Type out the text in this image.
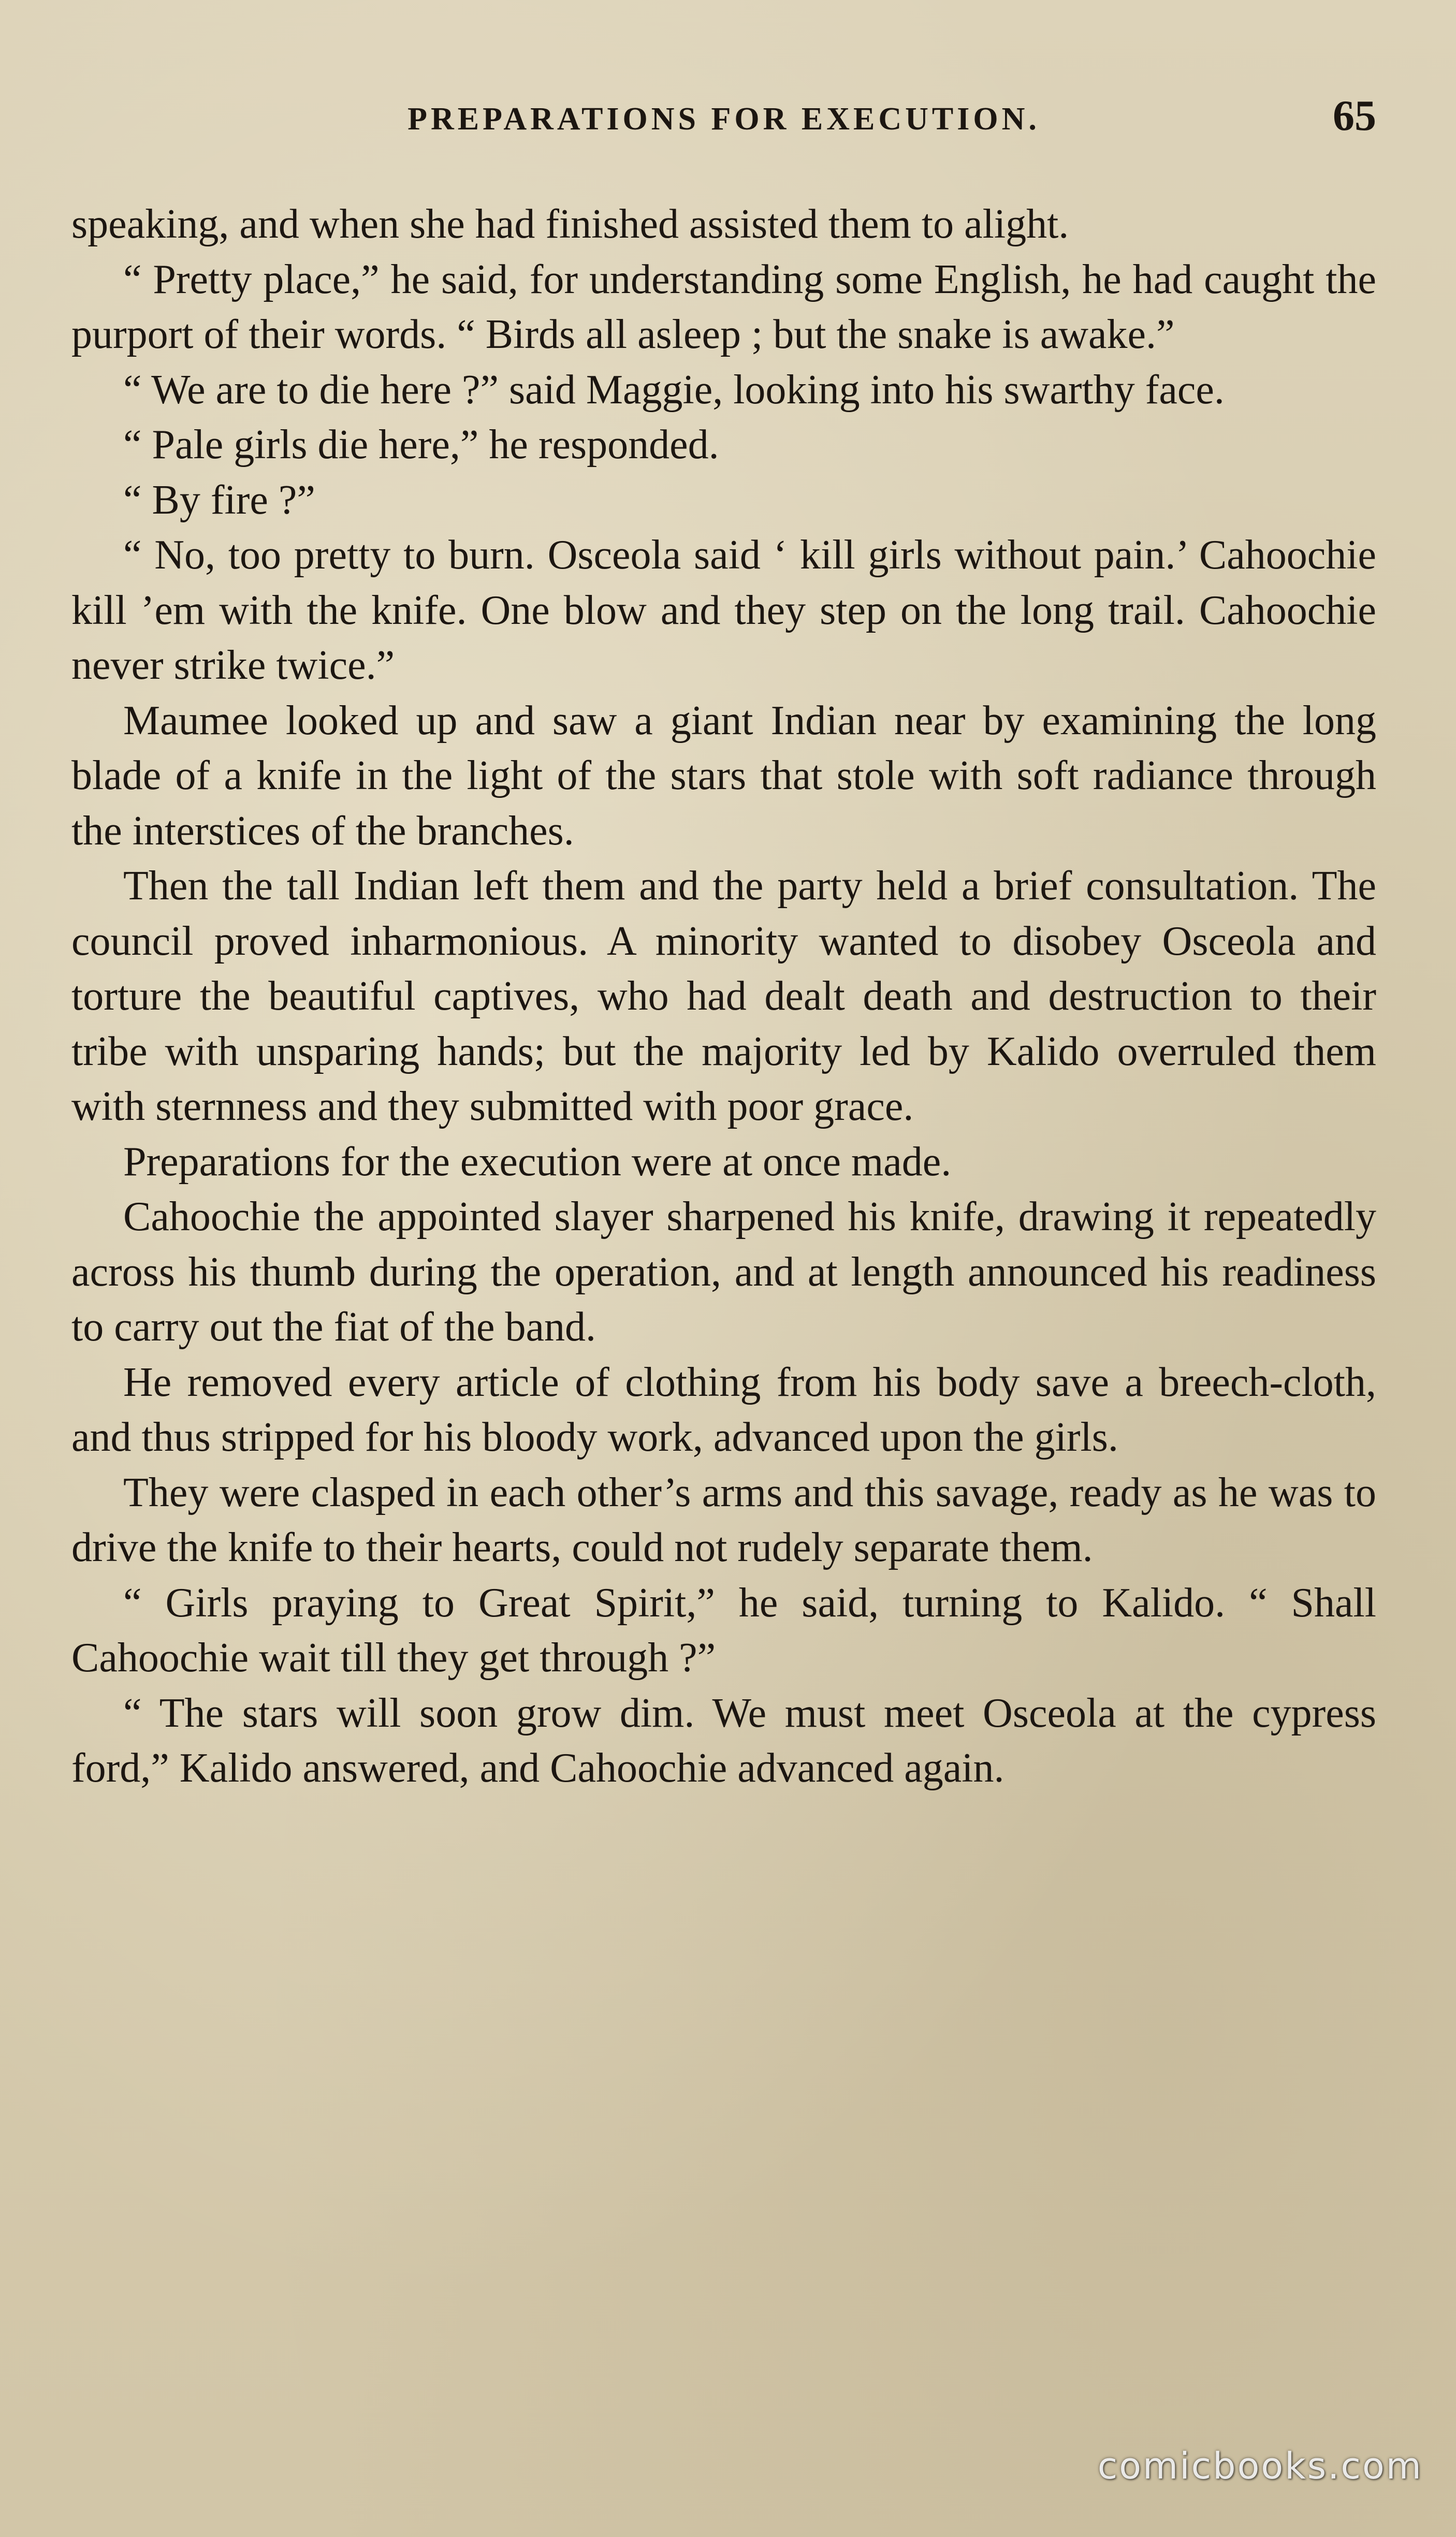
PREPARATIONS FOR EXECUTION.	65

speaking, and when she had finished assisted them to alight.

“ Pretty place,” he said, for understanding some English, he had caught the purport of their words. “ Birds all asleep ; but the snake is awake.”

“ We are to die here ?” said Maggie, looking into his swarthy face.

“ Pale girls die here,” he responded.

“ By fire ?”

“ No, too pretty to burn. Osceola said ‘ kill girls without pain.’ Cahoochie kill ’em with the knife. One blow and they step on the long trail. Cahoochie never strike twice.”

Maumee looked up and saw a giant Indian near by examining the long blade of a knife in the light of the stars that stole with soft radiance through the interstices of the branches.

Then the tall Indian left them and the party held a brief consultation. The council proved inharmonious. A minority wanted to disobey Osceola and torture the beautiful captives, who had dealt death and destruction to their tribe with unsparing hands; but the majority led by Kalido overruled them with sternness and they submitted with poor grace.

Preparations for the execution were at once made.

Cahoochie the appointed slayer sharpened his knife, drawing it repeatedly across his thumb during the operation, and at length announced his readiness to carry out the fiat of the band.

He removed every article of clothing from his body save a breech-cloth, and thus stripped for his bloody work, advanced upon the girls.

They were clasped in each other’s arms and this savage, ready as he was to drive the knife to their hearts, could not rudely separate them.

“ Girls praying to Great Spirit,” he said, turning to Kalido. “ Shall Cahoochie wait till they get through ?”

“ The stars will soon grow dim. We must meet Osceola at the cypress ford,” Kalido answered, and Cahoochie advanced again.

comicbooks.com
